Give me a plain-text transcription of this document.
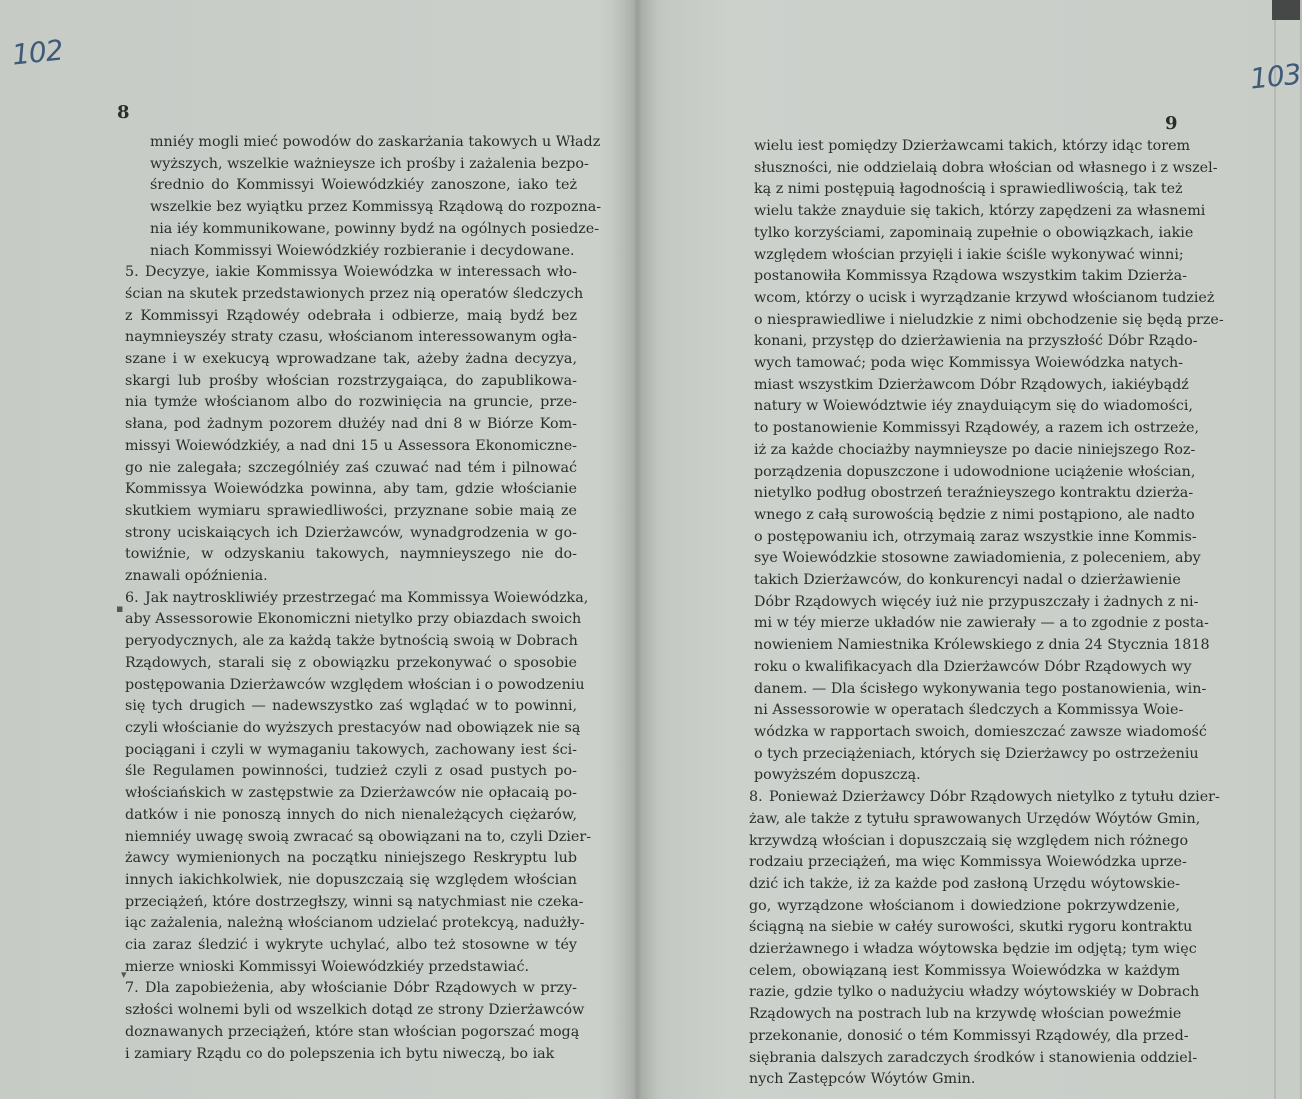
102
8
mniéy mogli mieć powodów do zaskarżania takowych u Władz
wyższych, wszelkie ważnieysze ich prośby i zażalenia bezpo-
średnio do Kommissyi Woiewódzkiéy zanoszone, iako też
wszelkie bez wyiątku przez Kommissyą Rządową do rozpozna-
nia iéy kommunikowane, powinny bydź na ogólnych posiedze-
niach Kommissyi Woiewódzkiéy rozbieranie i decydowane.
5. Decyzye, iakie Kommissya Woiewódzka w interessach wło-
ścian na skutek przedstawionych przez nią operatów śledczych
z Kommissyi Rządowéy odebrała i odbierze, maią bydź bez
naymnieyszéy straty czasu, włościanom interessowanym ogła-
szane i w exekucyą wprowadzane tak, ażeby żadna decyzya,
skargi lub prośby włościan rozstrzygaiąca, do zapublikowa-
nia tymże włościanom albo do rozwinięcia na gruncie, prze-
słana, pod żadnym pozorem dłużéy nad dni 8 w Biórze Kom-
missyi Woiewódzkiéy, a nad dni 15 u Assessora Ekonomiczne-
go nie zalegała; szczególniéy zaś czuwać nad tém i pilnować
Kommissya Woiewódzka powinna, aby tam, gdzie włościanie
skutkiem wymiaru sprawiedliwości, przyznane sobie maią ze
strony uciskaiących ich Dzierżawców, wynadgrodzenia w go-
towiźnie, w odzyskaniu takowych, naymnieyszego nie do-
znawali opóźnienia.
6. Jak naytroskliwiéy przestrzegać ma Kommissya Woiewódzka,
aby Assessorowie Ekonomiczni nietylko przy obiazdach swoich
peryodycznych, ale za każdą także bytnością swoią w Dobrach
Rządowych, starali się z obowiązku przekonywać o sposobie
postępowania Dzierżawców względem włościan i o powodzeniu
się tych drugich — nadewszystko zaś wglądać w to powinni,
czyli włościanie do wyższych prestacyów nad obowiązek nie są
pociągani i czyli w wymaganiu takowych, zachowany iest ści-
śle Regulamen powinności, tudzież czyli z osad pustych po-
włościańskich w zastępstwie za Dzierżawców nie opłacaią po-
datków i nie ponoszą innych do nich nienależących ciężarów,
niemniéy uwagę swoią zwracać są obowiązani na to, czyli Dzier-
żawcy wymienionych na początku niniejszego Reskryptu lub
innych iakichkolwiek, nie dopuszczaią się względem włościan
przeciążeń, które dostrzegłszy, winni są natychmiast nie czeka-
iąc zażalenia, należną włościanom udzielać protekcyą, nadużły-
cia zaraz śledzić i wykryte uchylać, albo też stosowne w téy
mierze wnioski Kommissyi Woiewódzkiéy przedstawiać.
7. Dla zapobieżenia, aby włościanie Dóbr Rządowych w przy-
szłości wolnemi byli od wszelkich dotąd ze strony Dzierżawców
doznawanych przeciążeń, które stan włościan pogorszać mogą
i zamiary Rządu co do polepszenia ich bytu niweczą, bo iak
▪
▾
103
9
wielu iest pomiędzy Dzierżawcami takich, którzy idąc torem
słuszności, nie oddzielaią dobra włościan od własnego i z wszel-
ką z nimi postępuią łagodnością i sprawiedliwością, tak też
wielu także znayduie się takich, którzy zapędzeni za własnemi
tylko korzyściami, zapominaią zupełnie o obowiązkach, iakie
względem włościan przyięli i iakie ściśle wykonywać winni;
postanowiła Kommissya Rządowa wszystkim takim Dzierża-
wcom, którzy o ucisk i wyrządzanie krzywd włościanom tudzież
o niesprawiedliwe i nieludzkie z nimi obchodzenie się będą prze-
konani, przystęp do dzierżawienia na przyszłość Dóbr Rządo-
wych tamować; poda więc Kommissya Woiewódzka natych-
miast wszystkim Dzierżawcom Dóbr Rządowych, iakiéybądź
natury w Woiewództwie iéy znayduiącym się do wiadomości,
to postanowienie Kommissyi Rządowéy, a razem ich ostrzeże,
iż za każde chociażby naymnieysze po dacie niniejszego Roz-
porządzenia dopuszczone i udowodnione uciążenie włościan,
nietylko podług obostrzeń teraźnieyszego kontraktu dzierża-
wnego z całą surowością będzie z nimi postąpiono, ale nadto
o postępowaniu ich, otrzymaią zaraz wszystkie inne Kommis-
sye Woiewódzkie stosowne zawiadomienia, z poleceniem, aby
takich Dzierżawców, do konkurencyi nadal o dzierżawienie
Dóbr Rządowych więcéy iuż nie przypuszczały i żadnych z ni-
mi w téy mierze układów nie zawierały — a to zgodnie z posta-
nowieniem Namiestnika Królewskiego z dnia 24 Stycznia 1818
roku o kwalifikacyach dla Dzierżawców Dóbr Rządowych wy
danem. — Dla ścisłego wykonywania tego postanowienia, win-
ni Assessorowie w operatach śledczych a Kommissya Woie-
wódzka w rapportach swoich, domieszczać zawsze wiadomość
o tych przeciążeniach, których się Dzierżawcy po ostrzeżeniu
powyższém dopuszczą.
8. Ponieważ Dzierżawcy Dóbr Rządowych nietylko z tytułu dzier-
żaw, ale także z tytułu sprawowanych Urzędów Wóytów Gmin,
krzywdzą włościan i dopuszczaią się względem nich różnego
rodzaiu przeciążeń, ma więc Kommissya Woiewódzka uprze-
dzić ich także, iż za każde pod zasłoną Urzędu wóytowskie-
go, wyrządzone włościanom i dowiedzione pokrzywdzenie,
ściągną na siebie w całéy surowości, skutki rygoru kontraktu
dzierżawnego i władza wóytowska będzie im odjętą; tym więc
celem, obowiązaną iest Kommissya Woiewódzka w każdym
razie, gdzie tylko o nadużyciu władzy wóytowskiéy w Dobrach
Rządowych na postrach lub na krzywdę włościan poweźmie
przekonanie, donosić o tém Kommissyi Rządowéy, dla przed-
siębrania dalszych zaradczych środków i stanowienia oddziel-
nych Zastępców Wóytów Gmin.
